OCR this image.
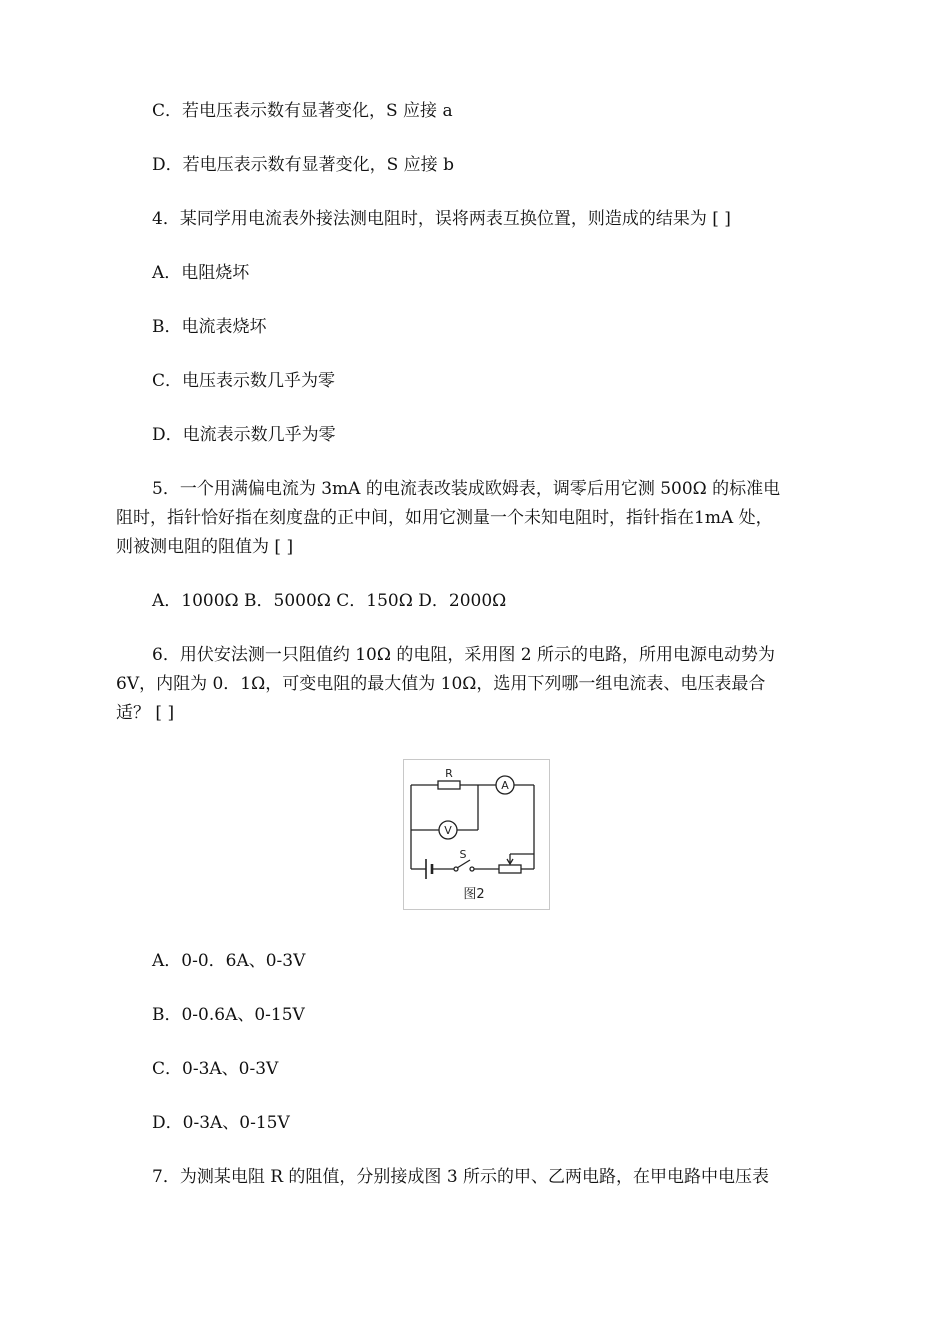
C．若电压表示数有显著变化，S 应接 a
D．若电压表示数有显著变化，S 应接 b
4．某同学用电流表外接法测电阻时，误将两表互换位置，则造成的结果为 [ ]
A．电阻烧坏
B．电流表烧坏
C．电压表示数几乎为零
D．电流表示数几乎为零
5．一个用满偏电流为 3mA 的电流表改装成欧姆表，调零后用它测 500Ω 的标准电
阻时，指针恰好指在刻度盘的正中间，如用它测量一个未知电阻时，指针指在1mA 处，
则被测电阻的阻值为 [ ]
A．1000Ω B．5000Ω C．150Ω D．2000Ω
6．用伏安法测一只阻值约 10Ω 的电阻，采用图 2 所示的电路，所用电源电动势为
6V，内阻为 0．1Ω，可变电阻的最大值为 10Ω，选用下列哪一组电流表、电压表最合
适？ [ ]
R
A
V
S
图2
A．0-0．6A、0-3V
B．0-0.6A、0-15V
C．0-3A、0-3V
D．0-3A、0-15V
7．为测某电阻 R 的阻值，分别接成图 3 所示的甲、乙两电路，在甲电路中电压表
